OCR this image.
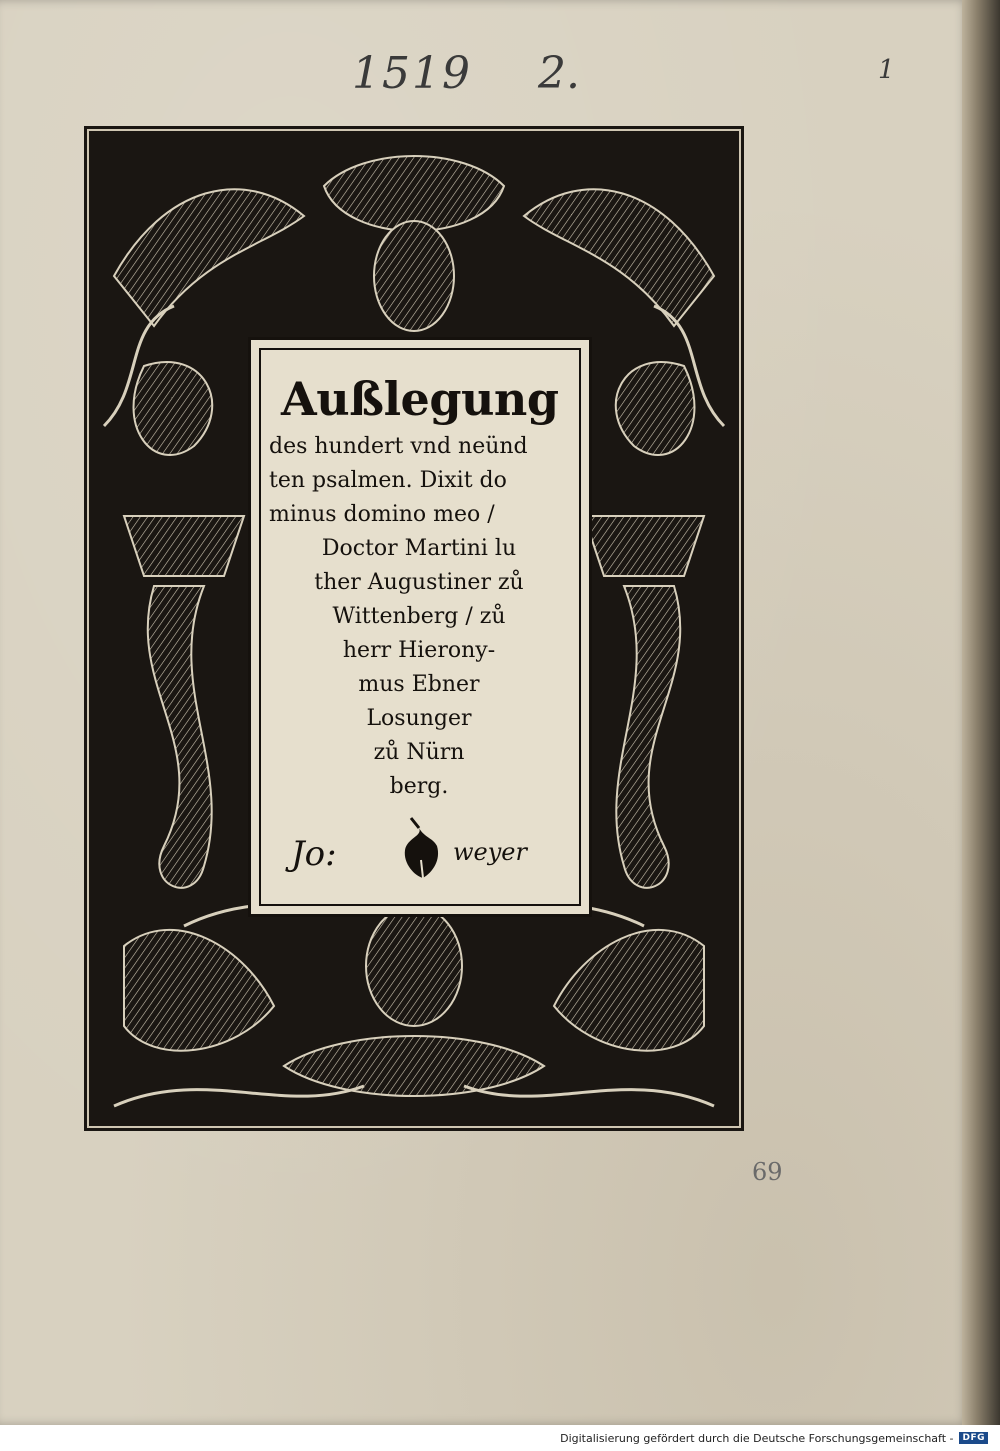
1519 2.	1
69
Außlegung
des hundert vnd neünd
ten psalmen. Dixit do
minus domino meo /
Doctor Martini lu
ther Augustiner zů
Wittenberg / zů
herr Hierony-
mus Ebner
Losunger
zů Nürn
berg.
Jo:	weyer
Digitalisierung gefördert durch die Deutsche Forschungsgemeinschaft -	DFG
